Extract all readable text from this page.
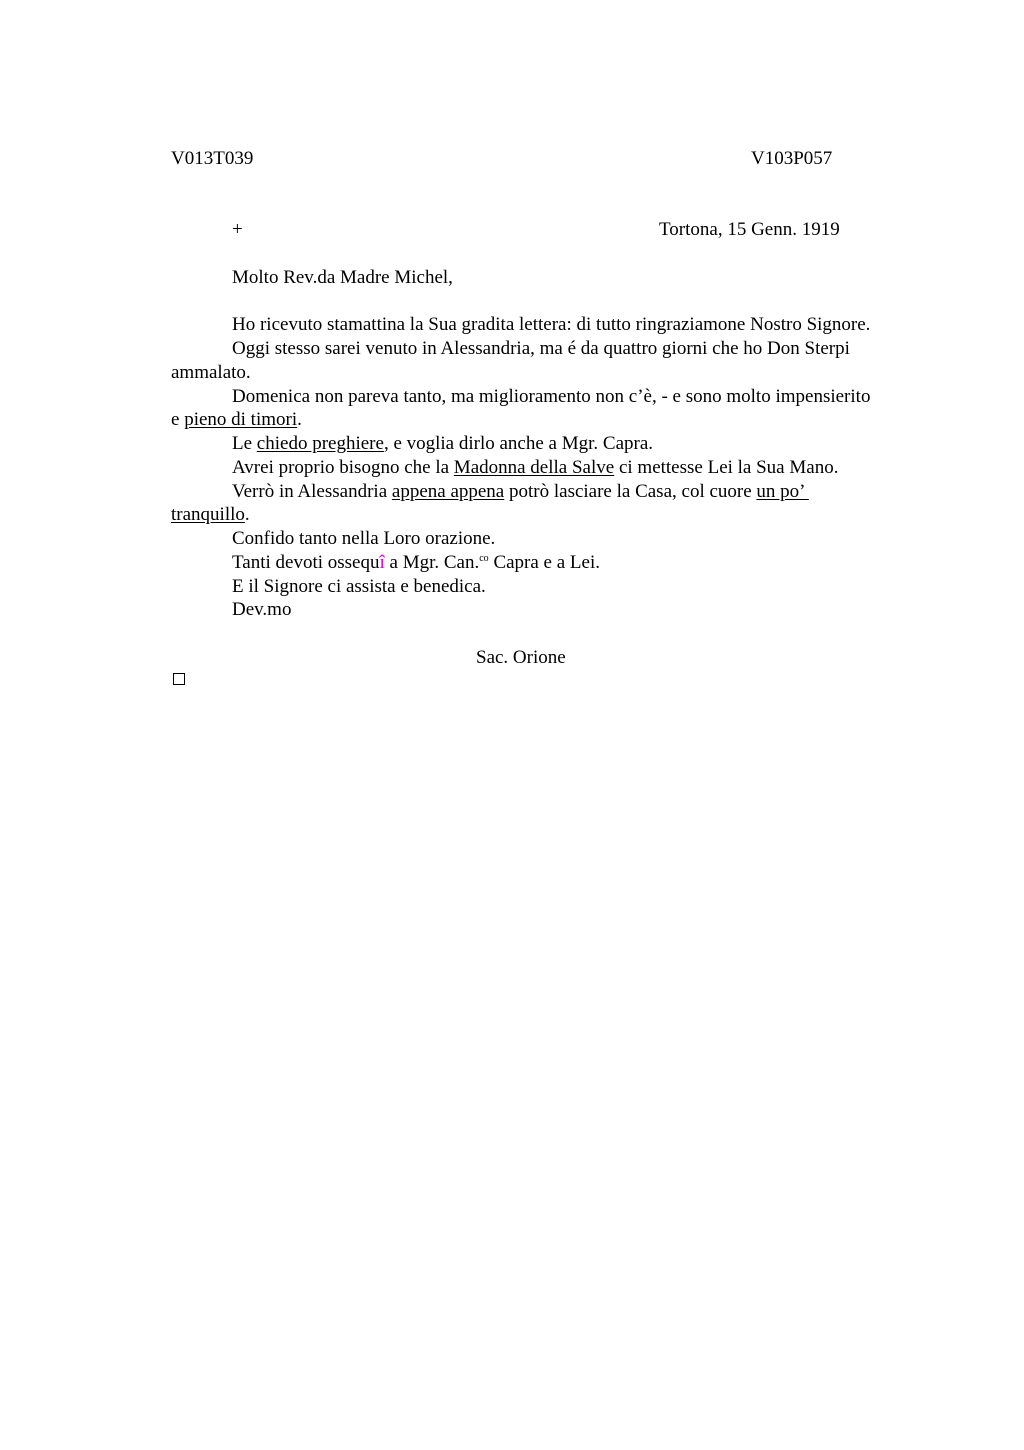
V013T039	V103P057
+	Tortona, 15 Genn. 1919
Molto Rev.da Madre Michel,
Ho ricevuto stamattina la Sua gradita lettera: di tutto ringraziamone Nostro Signore.
Oggi stesso sarei venuto in Alessandria, ma é da quattro giorni che ho Don Sterpi
ammalato.
Domenica non pareva tanto, ma miglioramento non c’è, - e sono molto impensierito
e pieno di timori.
Le chiedo preghiere, e voglia dirlo anche a Mgr. Capra.
Avrei proprio bisogno che la Madonna della Salve ci mettesse Lei la Sua Mano.
Verrò in Alessandria appena appena potrò lasciare la Casa, col cuore un po’
tranquillo.
Confido tanto nella Loro orazione.
Tanti devoti ossequî a Mgr. Can.$^{co}$ Capra e a Lei.
E il Signore ci assista e benedica.
Dev.mo
Sac. Orione
